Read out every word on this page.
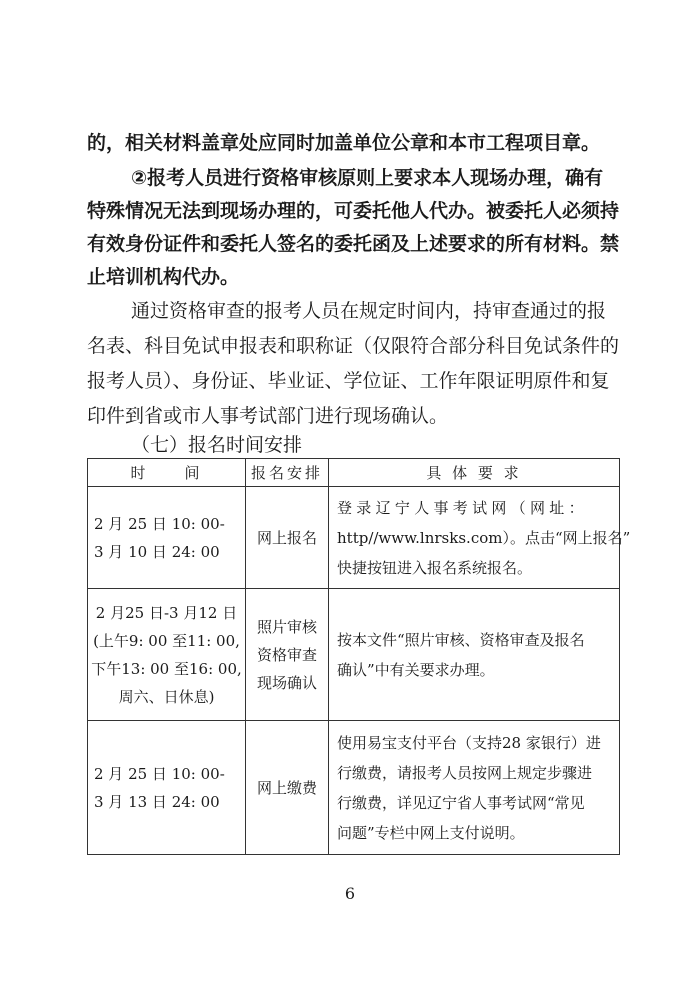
的，相关材料盖章处应同时加盖单位公章和本市工程项目章。

②报考人员进行资格审核原则上要求本人现场办理，确有特殊情况无法到现场办理的，可委托他人代办。被委托人必须持有效身份证件和委托人签名的委托函及上述要求的所有材料。禁止培训机构代办。

通过资格审查的报考人员在规定时间内，持审查通过的报名表、科目免试申报表和职称证（仅限符合部分科目免试条件的报考人员）、身份证、毕业证、学位证、工作年限证明原件和复印件到省或市人事考试部门进行现场确认。

（七）报名时间安排

时　　间	报名安排	具 体 要 求

2 月 25 日 10: 00-
3 月 10 日 24: 00	网上报名	登录辽宁人事考试网（网址：
http//www.lnrsks.com）。点击“网上报名”
快捷按钮进入报名系统报名。

2 月25 日-3 月12 日
(上午9: 00 至11: 00,
下午13: 00 至16: 00,
周六、日休息)	照片审核
资格审查
现场确认	按本文件“照片审核、资格审查及报名
确认”中有关要求办理。

2 月 25 日 10: 00-
3 月 13 日 24: 00	网上缴费	使用易宝支付平台（支持28 家银行）进
行缴费，请报考人员按网上规定步骤进
行缴费，详见辽宁省人事考试网“常见
问题”专栏中网上支付说明。

6
